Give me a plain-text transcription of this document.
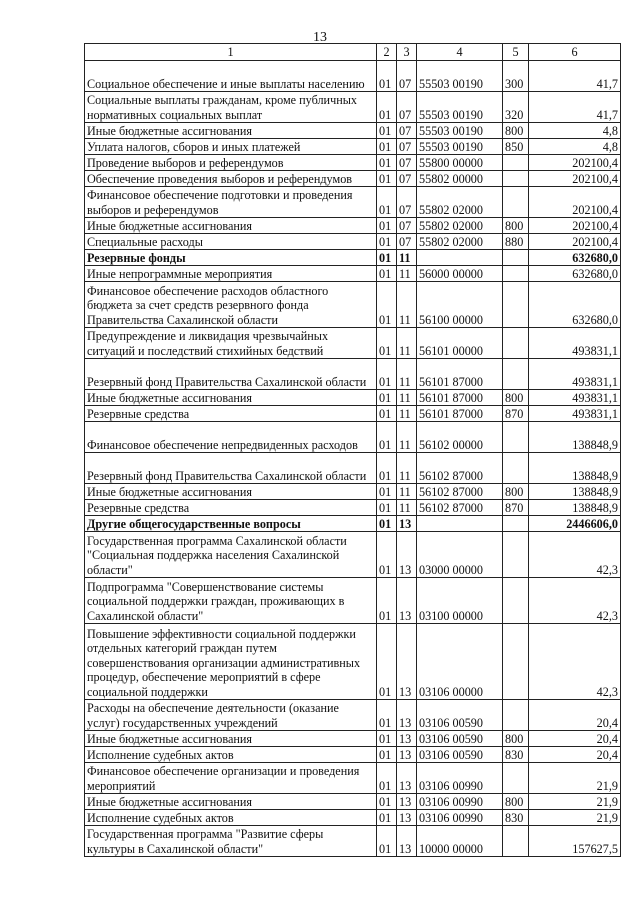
13
1	2	3	4	5	6
Социальное обеспечение и иные выплаты населению	01	07	55503 00190	300	41,7
Социальные выплаты гражданам, кроме публичных нормативных социальных выплат	01	07	55503 00190	320	41,7
Иные бюджетные ассигнования	01	07	55503 00190	800	4,8
Уплата налогов, сборов и иных платежей	01	07	55503 00190	850	4,8
Проведение выборов и референдумов	01	07	55800 00000		202100,4
Обеспечение проведения выборов и референдумов	01	07	55802 00000		202100,4
Финансовое обеспечение подготовки и проведения выборов и референдумов	01	07	55802 02000		202100,4
Иные бюджетные ассигнования	01	07	55802 02000	800	202100,4
Специальные расходы	01	07	55802 02000	880	202100,4
Резервные фонды	01	11			632680,0
Иные непрограммные мероприятия	01	11	56000 00000		632680,0
Финансовое обеспечение расходов областного бюджета за счет средств резервного фонда Правительства Сахалинской области	01	11	56100 00000		632680,0
Предупреждение и ликвидация чрезвычайных ситуаций и последствий стихийных бедствий	01	11	56101 00000		493831,1
Резервный фонд Правительства Сахалинской области	01	11	56101 87000		493831,1
Иные бюджетные ассигнования	01	11	56101 87000	800	493831,1
Резервные средства	01	11	56101 87000	870	493831,1
Финансовое обеспечение непредвиденных расходов	01	11	56102 00000		138848,9
Резервный фонд Правительства Сахалинской области	01	11	56102 87000		138848,9
Иные бюджетные ассигнования	01	11	56102 87000	800	138848,9
Резервные средства	01	11	56102 87000	870	138848,9
Другие общегосударственные вопросы	01	13			2446606,0
Государственная программа Сахалинской области "Социальная поддержка населения Сахалинской области"	01	13	03000 00000		42,3
Подпрограмма "Совершенствование системы социальной поддержки граждан, проживающих в Сахалинской области"	01	13	03100 00000		42,3
Повышение эффективности социальной поддержки отдельных категорий граждан путем совершенствования организации административных процедур, обеспечение мероприятий в сфере социальной поддержки	01	13	03106 00000		42,3
Расходы на обеспечение деятельности (оказание услуг) государственных учреждений	01	13	03106 00590		20,4
Иные бюджетные ассигнования	01	13	03106 00590	800	20,4
Исполнение судебных актов	01	13	03106 00590	830	20,4
Финансовое обеспечение организации и проведения мероприятий	01	13	03106 00990		21,9
Иные бюджетные ассигнования	01	13	03106 00990	800	21,9
Исполнение судебных актов	01	13	03106 00990	830	21,9
Государственная программа "Развитие сферы культуры в Сахалинской области"	01	13	10000 00000		157627,5
